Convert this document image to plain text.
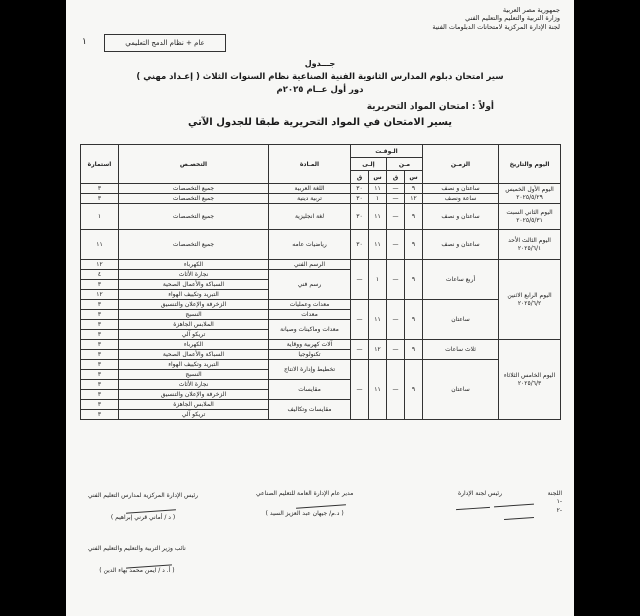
جمهورية مصر العربية
وزارة التربية والتعليم والتعليم الفني
لجنة الإدارة المركزية لامتحانات الدبلومات الفنية
عام + نظام الدمج التعليمي
١
جـــدول
سير امتحان دبلوم المدارس الثانوية الفنية الصناعية نظام السنوات الثلاث ( إعـداد مهني )
دور أول عــام ٢٠٢٥م
أولاً : امتحان المواد التحريرية
يسير الامتحان في المواد التحريرية طبقا للجدول الآتي
اليوم والتاريخ	الزمـن	الـوقـت				المـادة	التخصـص	استمارة
		مـن		إلـى				
		س	ق	س	ق			
اليوم الأول الخميس ٢٠٢٥/٥/٢٩	ساعتان و نصف	٩	—	١١	٣٠	اللغة العربية	جميع التخصصات	٣
	ساعة ونصف	١٢	—	١	٣٠	تربية دينية	جميع التخصصات	٣
اليوم الثاني السبت ٢٠٢٥/٥/٣١	ساعتان و نصف	٩	—	١١	٣٠	لغة انجليزية	جميع التخصصات	١
اليوم الثالث الأحد ٢٠٢٥/٦/١	ساعتان و نصف	٩	—	١١	٣٠	رياضيات عامه	جميع التخصصات	١١
اليوم الرابع الاثنين ٢٠٢٥/٦/٢	أربع ساعات	٩	—	١	—	الرسم الفني	الكهرباء	١٢
						رسم فني	نجارة الأثاث	٤
							السباكة والأعمال الصحية	٣
							التبريد وتكييف الهواء	١٢
	ساعتان	٩	—	١١	—	معدات وعمليات	الزخرفة والإعلان والتنسيق	٣
						معدات	النسيج	٣
						معدات وماكينات وصيانة	الملابس الجاهزة	٣
							تريكو آلي	٣
اليوم الخامس الثلاثاء ٢٠٢٥/٦/٣	ثلاث ساعات	٩	—	١٢	—	آلات كهربية ووقاية	الكهرباء	٣
						تكنولوجيا	السباكة والأعمال الصحية	٣
	ساعتان	٩	—	١١	—	تخطيط وإدارة الانتاج	التبريد وتكييف الهواء	٣
							النسيج	٣
						مقايسات	نجارة الأثاث	٣
							الزخرفة والإعلان والتنسيق	٣
						مقايسات وتكاليف	الملابس الجاهزة	٣
							تريكو آلي	٣
اللجنة
١-
٢-
رئيس لجنة الإدارة
مدير عام الإدارة العامة للتعليم الصناعي
( د.م/ جيهان عبد العزيز السيد )
رئيس الإدارة المركزية لمدارس التعليم الفني
( د / أماني قرني إبراهيم )
نائب وزير التربية والتعليم والتعليم الفني
( أ. د / ايمن محمد بهاء الدين )
